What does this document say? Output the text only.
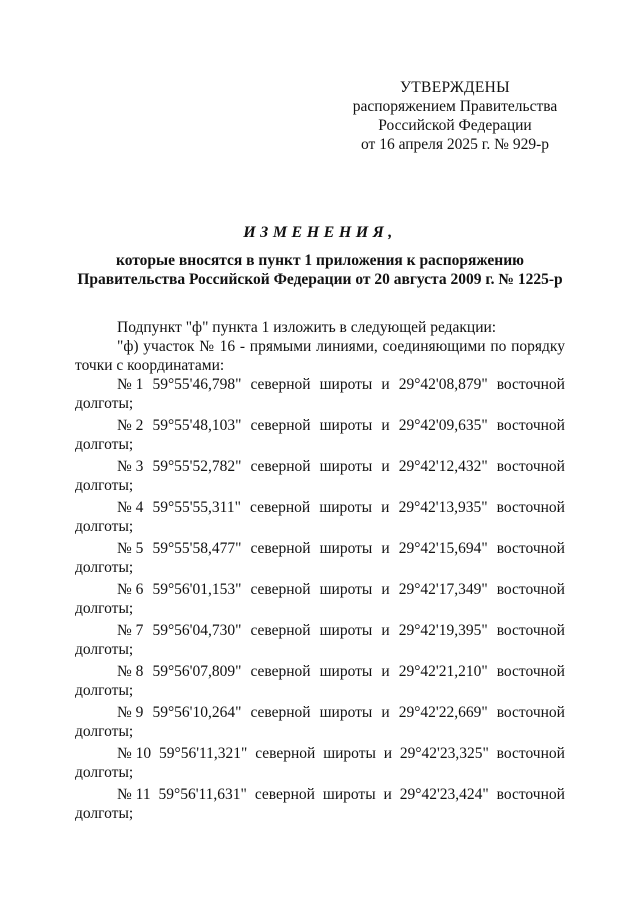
УТВЕРЖДЕНЫ
распоряжением Правительства
Российской Федерации
от 16 апреля 2025 г. № 929-р
ИЗМЕНЕНИЯ,
которые вносятся в пункт 1 приложения к распоряжению
Правительства Российской Федерации от 20 августа 2009 г. № 1225-р

Подпункт "ф" пункта 1 изложить в следующей редакции:

"ф) участок № 16 - прямыми линиями, соединяющими по порядку точки с координатами:

№ 1 59°55'46,798" северной широты и 29°42'08,879" восточной
долготы;
№ 2 59°55'48,103" северной широты и 29°42'09,635" восточной
долготы;
№ 3 59°55'52,782" северной широты и 29°42'12,432" восточной
долготы;
№ 4 59°55'55,311" северной широты и 29°42'13,935" восточной
долготы;
№ 5 59°55'58,477" северной широты и 29°42'15,694" восточной
долготы;
№ 6 59°56'01,153" северной широты и 29°42'17,349" восточной
долготы;
№ 7 59°56'04,730" северной широты и 29°42'19,395" восточной
долготы;
№ 8 59°56'07,809" северной широты и 29°42'21,210" восточной
долготы;
№ 9 59°56'10,264" северной широты и 29°42'22,669" восточной
долготы;
№ 10 59°56'11,321" северной широты и 29°42'23,325" восточной
долготы;
№ 11 59°56'11,631" северной широты и 29°42'23,424" восточной
долготы;
